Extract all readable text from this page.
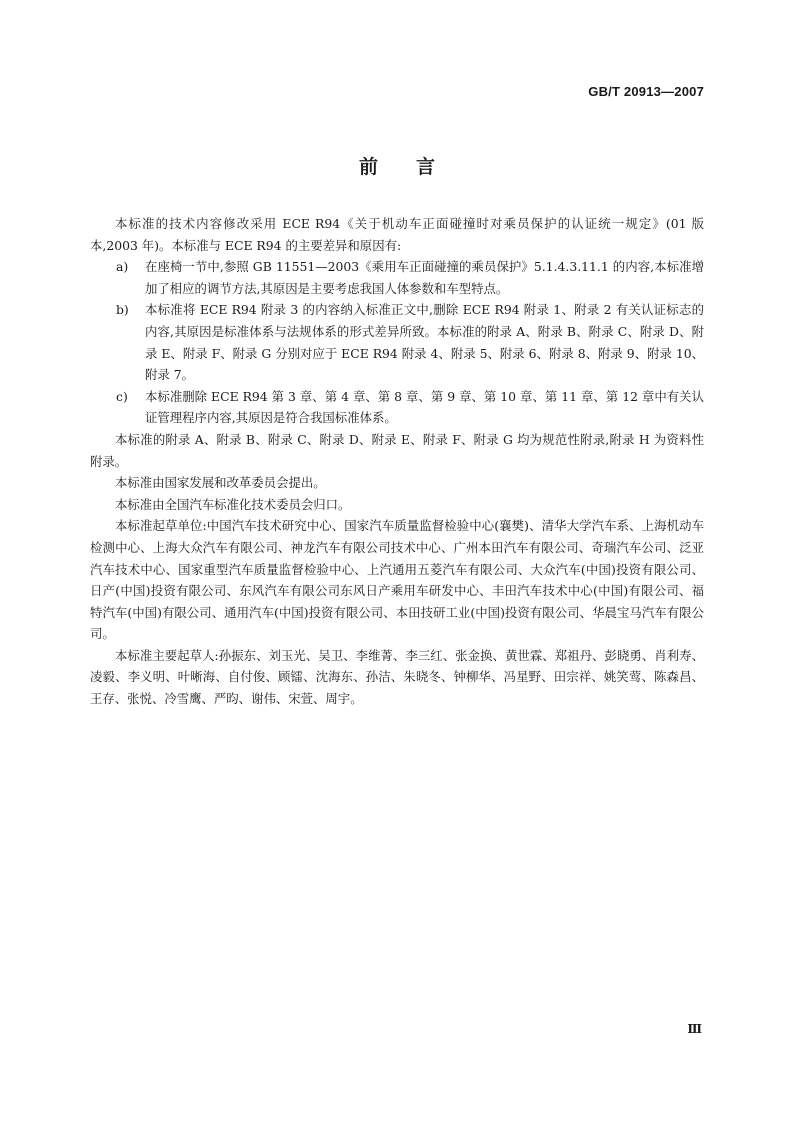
GB/T 20913—2007
前 言

本标准的技术内容修改采用 ECE R94《关于机动车正面碰撞时对乘员保护的认证统一规定》(01 版本,2003 年)。本标准与 ECE R94 的主要差异和原因有:

a) 在座椅一节中,参照 GB 11551—2003《乘用车正面碰撞的乘员保护》5.1.4.3.11.1 的内容,本标准增加了相应的调节方法,其原因是主要考虑我国人体参数和车型特点。
b) 本标准将 ECE R94 附录 3 的内容纳入标准正文中,删除 ECE R94 附录 1、附录 2 有关认证标志的内容,其原因是标准体系与法规体系的形式差异所致。本标准的附录 A、附录 B、附录 C、附录 D、附录 E、附录 F、附录 G 分别对应于 ECE R94 附录 4、附录 5、附录 6、附录 8、附录 9、附录 10、附录 7。
c) 本标准删除 ECE R94 第 3 章、第 4 章、第 8 章、第 9 章、第 10 章、第 11 章、第 12 章中有关认证管理程序内容,其原因是符合我国标准体系。

本标准的附录 A、附录 B、附录 C、附录 D、附录 E、附录 F、附录 G 均为规范性附录,附录 H 为资料性附录。

本标准由国家发展和改革委员会提出。

本标准由全国汽车标准化技术委员会归口。

本标准起草单位:中国汽车技术研究中心、国家汽车质量监督检验中心(襄樊)、清华大学汽车系、上海机动车检测中心、上海大众汽车有限公司、神龙汽车有限公司技术中心、广州本田汽车有限公司、奇瑞汽车公司、泛亚汽车技术中心、国家重型汽车质量监督检验中心、上汽通用五菱汽车有限公司、大众汽车(中国)投资有限公司、日产(中国)投资有限公司、东风汽车有限公司东风日产乘用车研发中心、丰田汽车技术中心(中国)有限公司、福特汽车(中国)有限公司、通用汽车(中国)投资有限公司、本田技研工业(中国)投资有限公司、华晨宝马汽车有限公司。

本标准主要起草人:孙振东、刘玉光、吴卫、李维菁、李三红、张金换、黄世霖、郑祖丹、彭晓勇、肖利寿、凌毅、李义明、叶晰海、自付俊、顾镭、沈海东、孙洁、朱晓冬、钟柳华、冯星野、田宗祥、姚笑莺、陈森昌、王存、张悦、冷雪鹰、严昀、谢伟、宋萱、周宇。

Ⅲ
